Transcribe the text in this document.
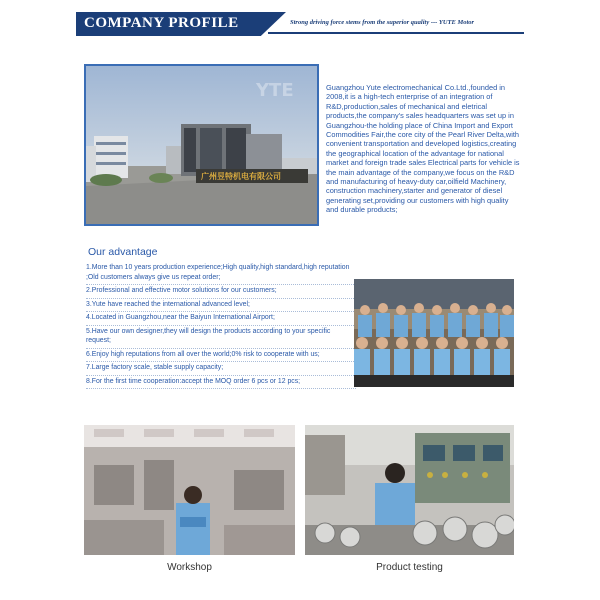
COMPANY PROFILE	Strong driving force stems from the superior quality --- YUTE Motor
广州昱特机电有限公司
YTE	Guangzhou Yute electromechanical Co.Ltd.,founded in 2008,it is a high-tech enterprise of an integration of R&D,production,sales of mechanical and eletrical products,the company's sales headquarters was set up in Guangzhou-the holding place of China Import and Export Commodities Fair,the core city of the Pearl River Delta,with convenient transportation and developed logistics,creating the geographical location of the advantage for national market and foreign trade sales Electrical parts for vehicle is the main advantage of the company,we focus on the R&D and manufacturing of heavy-duty car,oilfield Machinery, construction machinery,starter and generator of diesel generating set,providing our customers with high quality and durable products;
Our advantage
1.More than 10 years production experience;High quality,high standard,high reputation ;Old customers always give us repeat order;
2.Professional and effective motor solutions for our customers;
3.Yute have reached the international advanced level;
4.Located in Guangzhou,near the Baiyun International Airport;
5.Have our own designer,they will design the products according to your specific request;
6.Enjoy high reputations from all over the world;0% risk to cooperate with us;
7.Large factory scale, stable supply capacity;
8.For the first time cooperation:accept the MOQ order 6 pcs or 12 pcs;
Workshop	Product testing
